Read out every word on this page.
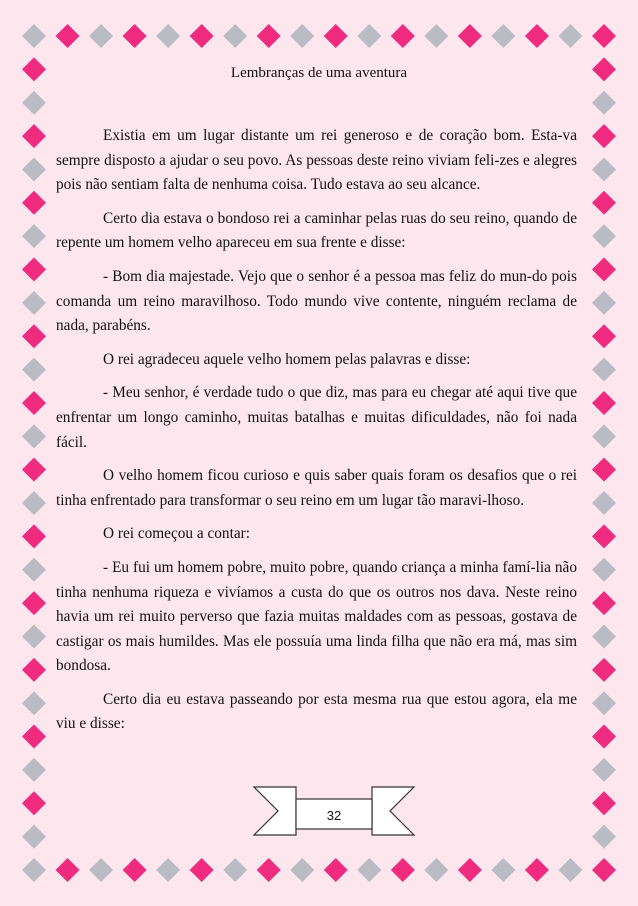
Lembranças de uma aventura

Existia em um lugar distante um rei generoso e de coração bom. Esta-va sempre disposto a ajudar o seu povo. As pessoas deste reino viviam feli-zes e alegres pois não sentiam falta de nenhuma coisa. Tudo estava ao seu alcance.

Certo dia estava o bondoso rei a caminhar pelas ruas do seu reino, quando de repente um homem velho apareceu em sua frente e disse:

- Bom dia majestade. Vejo que o senhor é a pessoa mas feliz do mun-do pois comanda um reino maravilhoso. Todo mundo vive contente, ninguém reclama de nada, parabéns.

O rei agradeceu aquele velho homem pelas palavras e disse:

- Meu senhor, é verdade tudo o que diz, mas para eu chegar até aqui tive que enfrentar um longo caminho, muitas batalhas e muitas dificuldades, não foi nada fácil.

O velho homem ficou curioso e quis saber quais foram os desafios que o rei tinha enfrentado para transformar o seu reino em um lugar tão maravi-lhoso.

O rei começou a contar:

- Eu fui um homem pobre, muito pobre, quando criança a minha famí-lia não tinha nenhuma riqueza e vivíamos a custa do que os outros nos dava. Neste reino havia um rei muito perverso que fazia muitas maldades com as pessoas, gostava de castigar os mais humildes. Mas ele possuía uma linda filha que não era má, mas sim bondosa.

Certo dia eu estava passeando por esta mesma rua que estou agora, ela me viu e disse:

32
